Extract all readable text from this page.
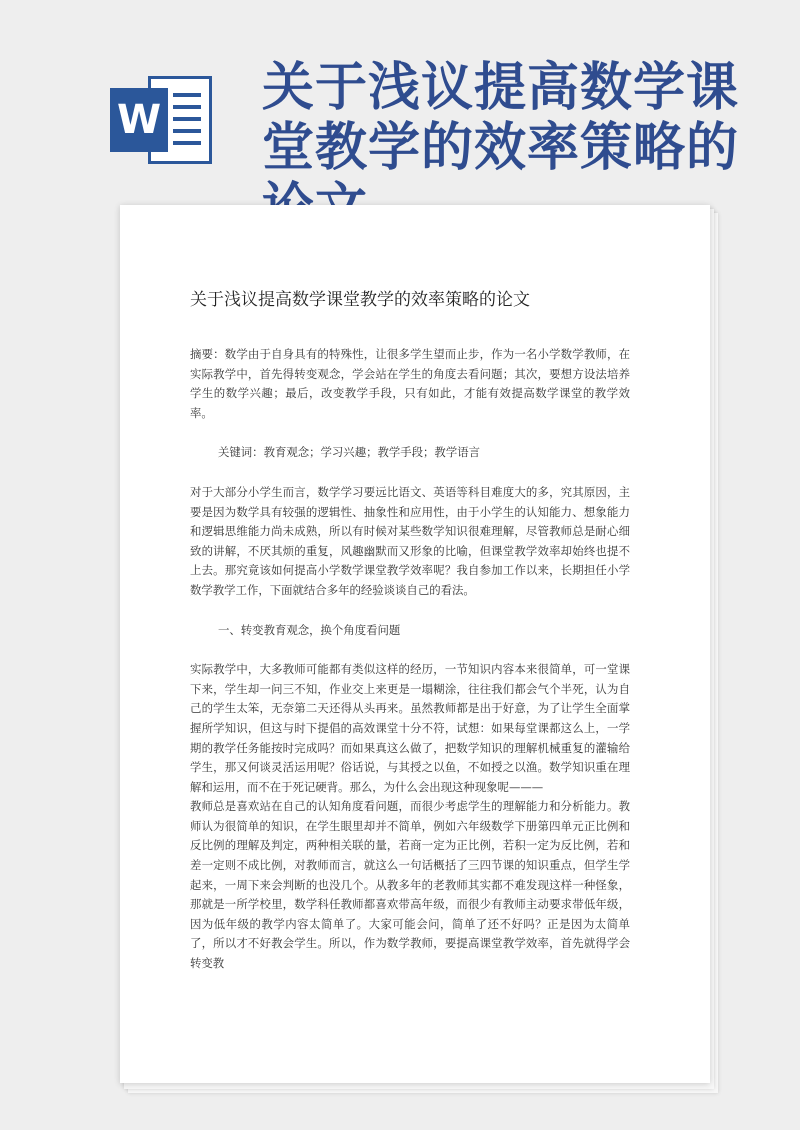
W
关于浅议提高数学课堂教学的效率策略的
关于浅议提高数学课堂教学的效率策略的论文

摘要：数学由于自身具有的特殊性，让很多学生望而止步，作为一名小学数学教师，在实际教学中，首先得转变观念，学会站在学生的角度去看问题；其次，要想方设法培养学生的数学兴趣；最后，改变教学手段，只有如此，才能有效提高数学课堂的教学效率。

关键词：教育观念；学习兴趣；教学手段；教学语言

对于大部分小学生而言，数学学习要远比语文、英语等科目难度大的多，究其原因，主要是因为数学具有较强的逻辑性、抽象性和应用性，由于小学生的认知能力、想象能力和逻辑思维能力尚未成熟，所以有时候对某些数学知识很难理解，尽管教师总是耐心细致的讲解，不厌其烦的重复，风趣幽默而又形象的比喻，但课堂教学效率却始终也提不上去。那究竟该如何提高小学数学课堂教学效率呢？我自参加工作以来，长期担任小学数学教学工作，下面就结合多年的经验谈谈自己的看法。

一、转变教育观念，换个角度看问题

实际教学中，大多教师可能都有类似这样的经历，一节知识内容本来很简单，可一堂课下来，学生却一问三不知，作业交上来更是一塌糊涂，往往我们都会气个半死，认为自己的学生太笨，无奈第二天还得从头再来。虽然教师都是出于好意，为了让学生全面掌握所学知识，但这与时下提倡的高效课堂十分不符，试想：如果每堂课都这么上，一学期的教学任务能按时完成吗？而如果真这么做了，把数学知识的理解机械重复的灌输给学生，那又何谈灵活运用呢？俗话说，与其授之以鱼，不如授之以渔。数学知识重在理解和运用，而不在于死记硬背。那么，为什么会出现这种现象呢———

教师总是喜欢站在自己的认知角度看问题，而很少考虑学生的理解能力和分析能力。教师认为很简单的知识，在学生眼里却并不简单，例如六年级数学下册第四单元正比例和反比例的理解及判定，两种相关联的量，若商一定为正比例，若积一定为反比例，若和差一定则不成比例，对教师而言，就这么一句话概括了三四节课的知识重点，但学生学起来，一周下来会判断的也没几个。从教多年的老教师其实都不难发现这样一种怪象，那就是一所学校里，数学科任教师都喜欢带高年级，而很少有教师主动要求带低年级，因为低年级的教学内容太简单了。大家可能会问，简单了还不好吗？正是因为太简单了，所以才不好教会学生。所以，作为数学教师，要提高课堂教学效率，首先就得学会转变教
